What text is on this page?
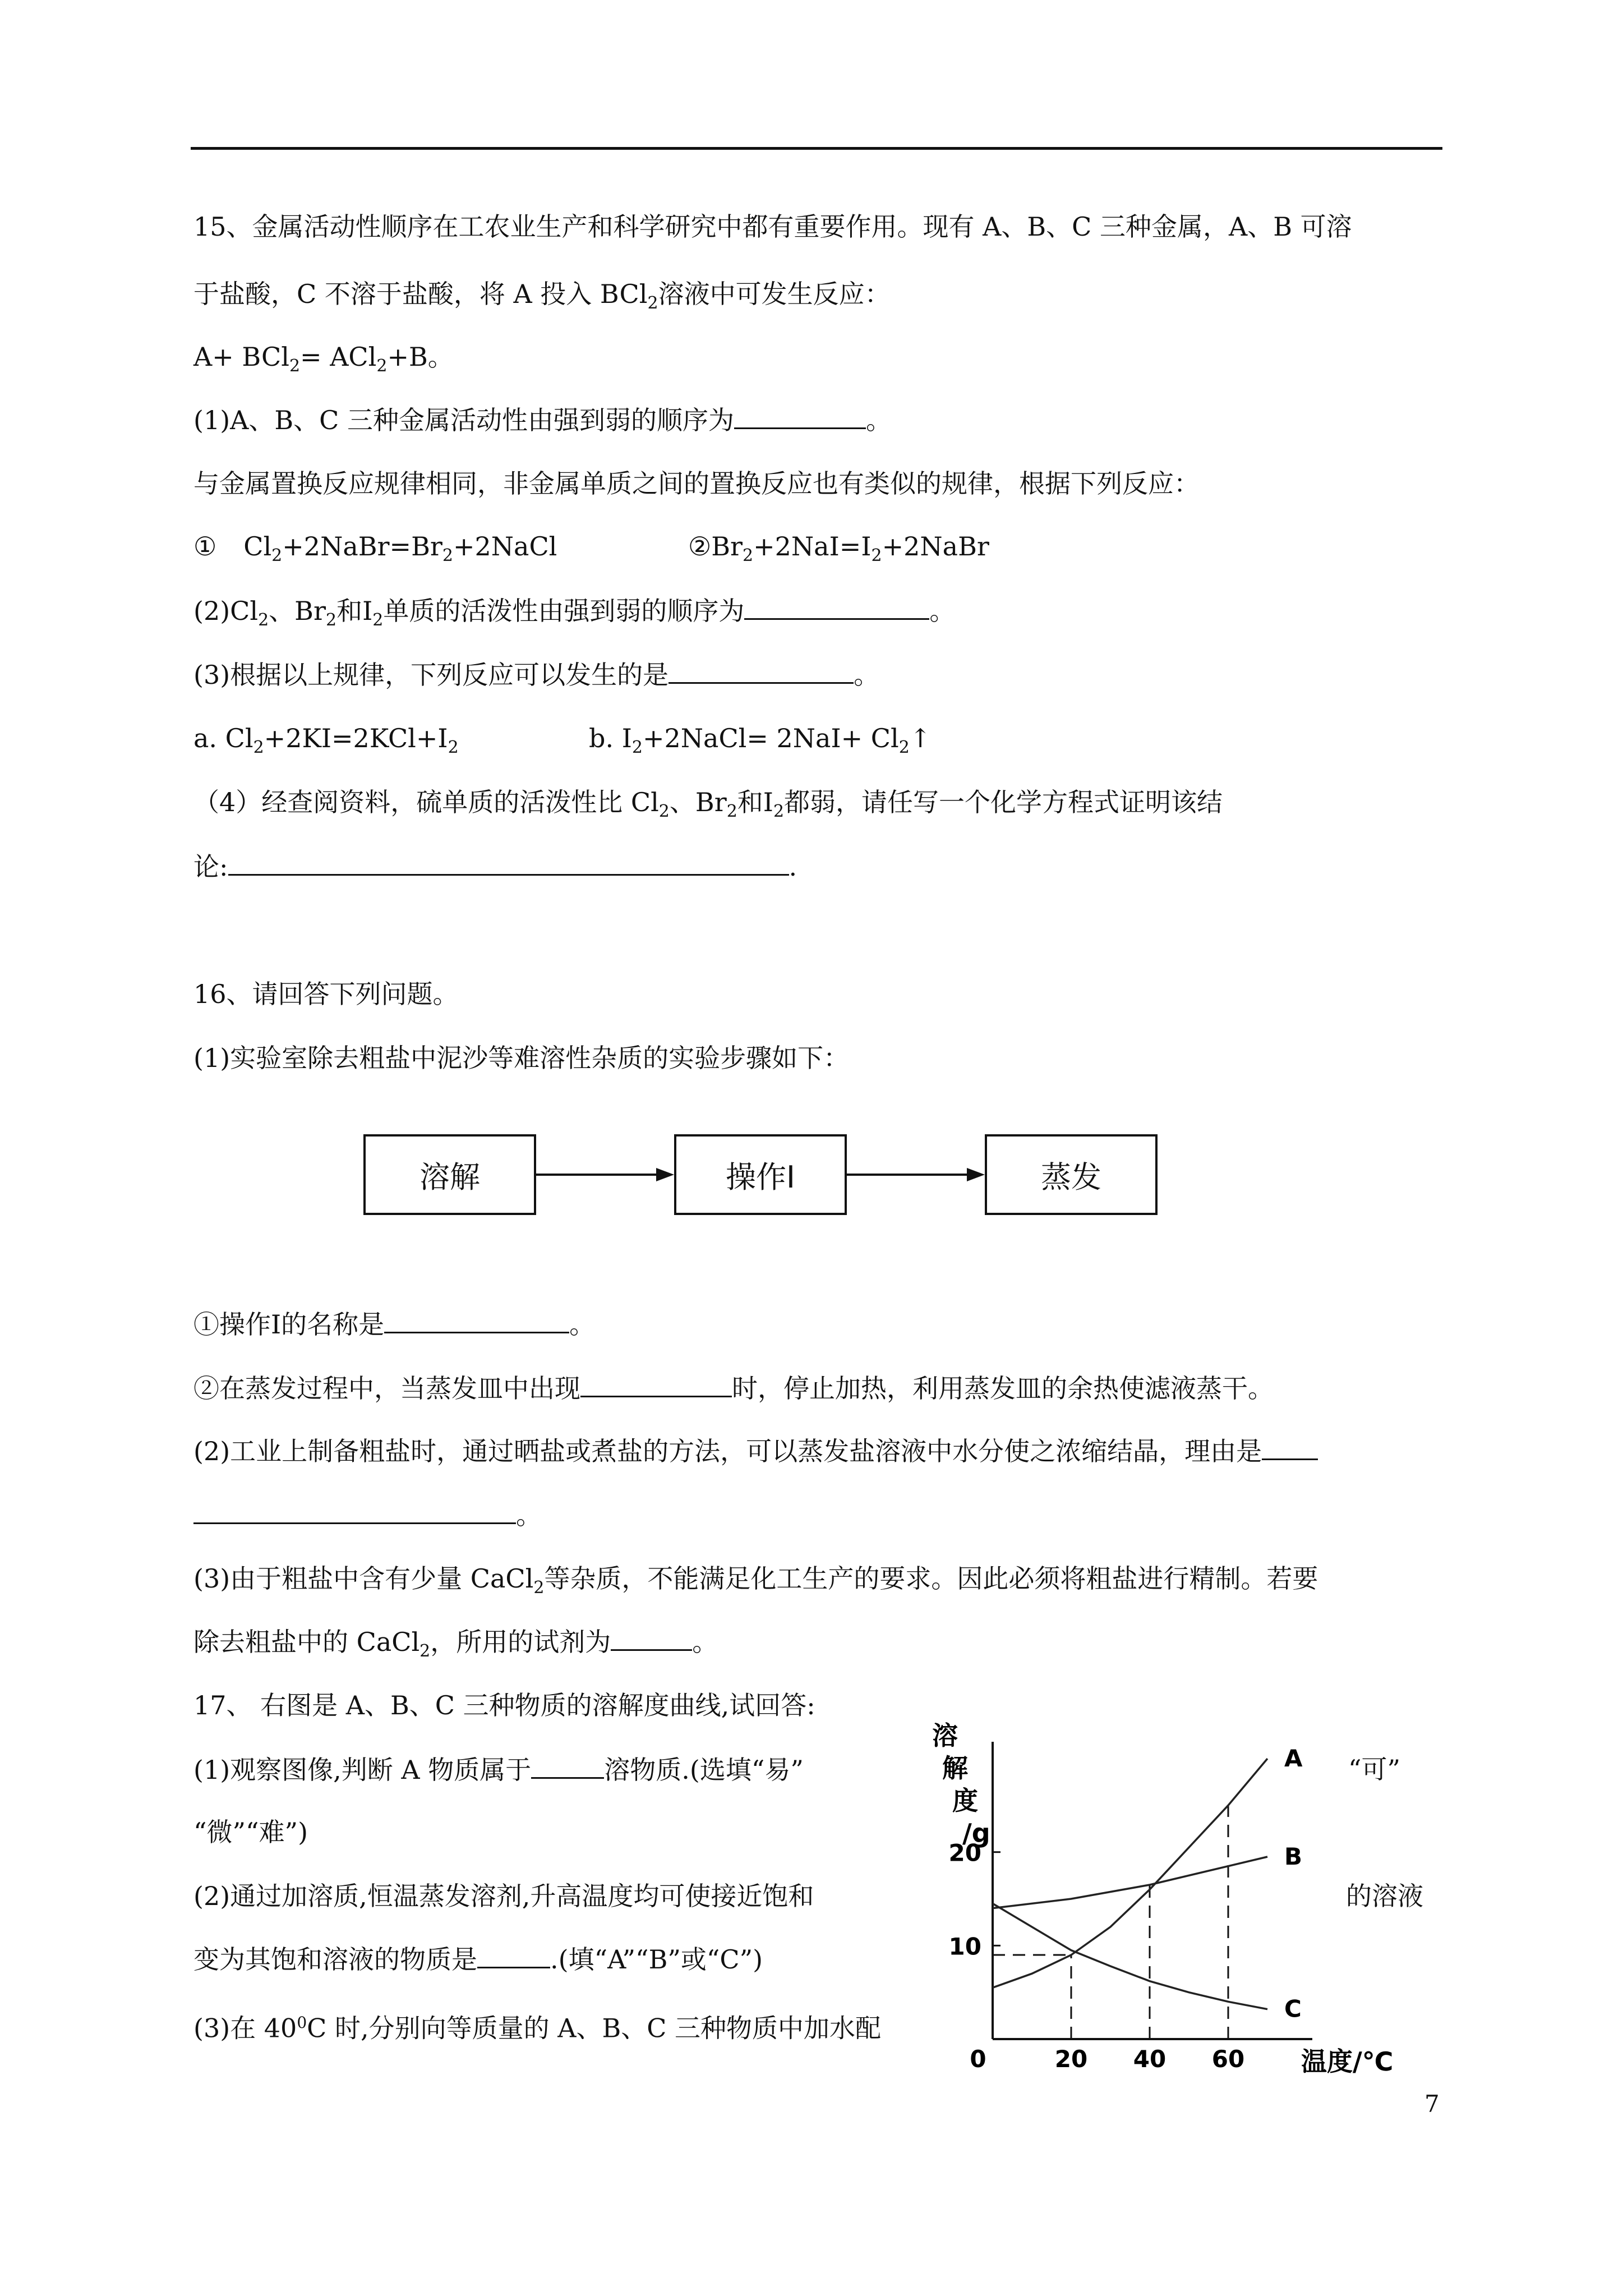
15、金属活动性顺序在工农业生产和科学研究中都有重要作用。现有 A、B、C 三种金属，A、B 可溶
于盐酸，C 不溶于盐酸，将 A 投入 BCl$_2$溶液中可发生反应：
A+ BCl$_2$= ACl$_2$+B。
(1)A、B、C 三种金属活动性由强到弱的顺序为	。
与金属置换反应规律相同，非金属单质之间的置换反应也有类似的规律，根据下列反应：
① $Cl_2+2NaBr=Br_2+2NaCl$	$②Br_2+2NaⅠ=Ⅰ_2+2NaBr$
$(2)Cl_2$、$Br_2$和$Ⅰ_2$单质的活泼性由强到弱的顺序为	。
(3)根据以上规律，下列反应可以发生的是	。
a. $Cl_2+2KⅠ=2KCl+Ⅰ_2$	b. $Ⅰ_2+2NaCl=$ 2NaⅠ+ $Cl_2↑$
（4）经查阅资料，硫单质的活泼性比 $Cl_2$、$Br_2$和$Ⅰ_2$都弱，请任写一个化学方程式证明该结
论:	.
16、请回答下列问题。
(1)实验室除去粗盐中泥沙等难溶性杂质的实验步骤如下：
溶解	操作Ⅰ	蒸发
①操作Ⅰ的名称是	。
②在蒸发过程中，当蒸发皿中出现	时，停止加热，利用蒸发皿的余热使滤液蒸干。
(2)工业上制备粗盐时，通过晒盐或煮盐的方法，可以蒸发盐溶液中水分使之浓缩结晶，理由是
。
(3)由于粗盐中含有少量 CaCl$_2$等杂质，不能满足化工生产的要求。因此必须将粗盐进行精制。若要
除去粗盐中的 CaCl$_2$，所用的试剂为	。
17、 右图是 A、B、C 三种物质的溶解度曲线,试回答:
(1)观察图像,判断 A 物质属于	溶物质.(选填“易”	“可”
“微”“难”)
(2)通过加溶质,恒温蒸发溶剂,升高温度均可使接近饱和	的溶液
变为其饱和溶液的物质是	.(填“A”“B”或“C”)
(3)在 $40^0C$ 时,分别向等质量的 A、B、C 三种物质中加水配
10
20
0	20 40 60
A
B
C
溶
解
度
/g
温度/℃
7
